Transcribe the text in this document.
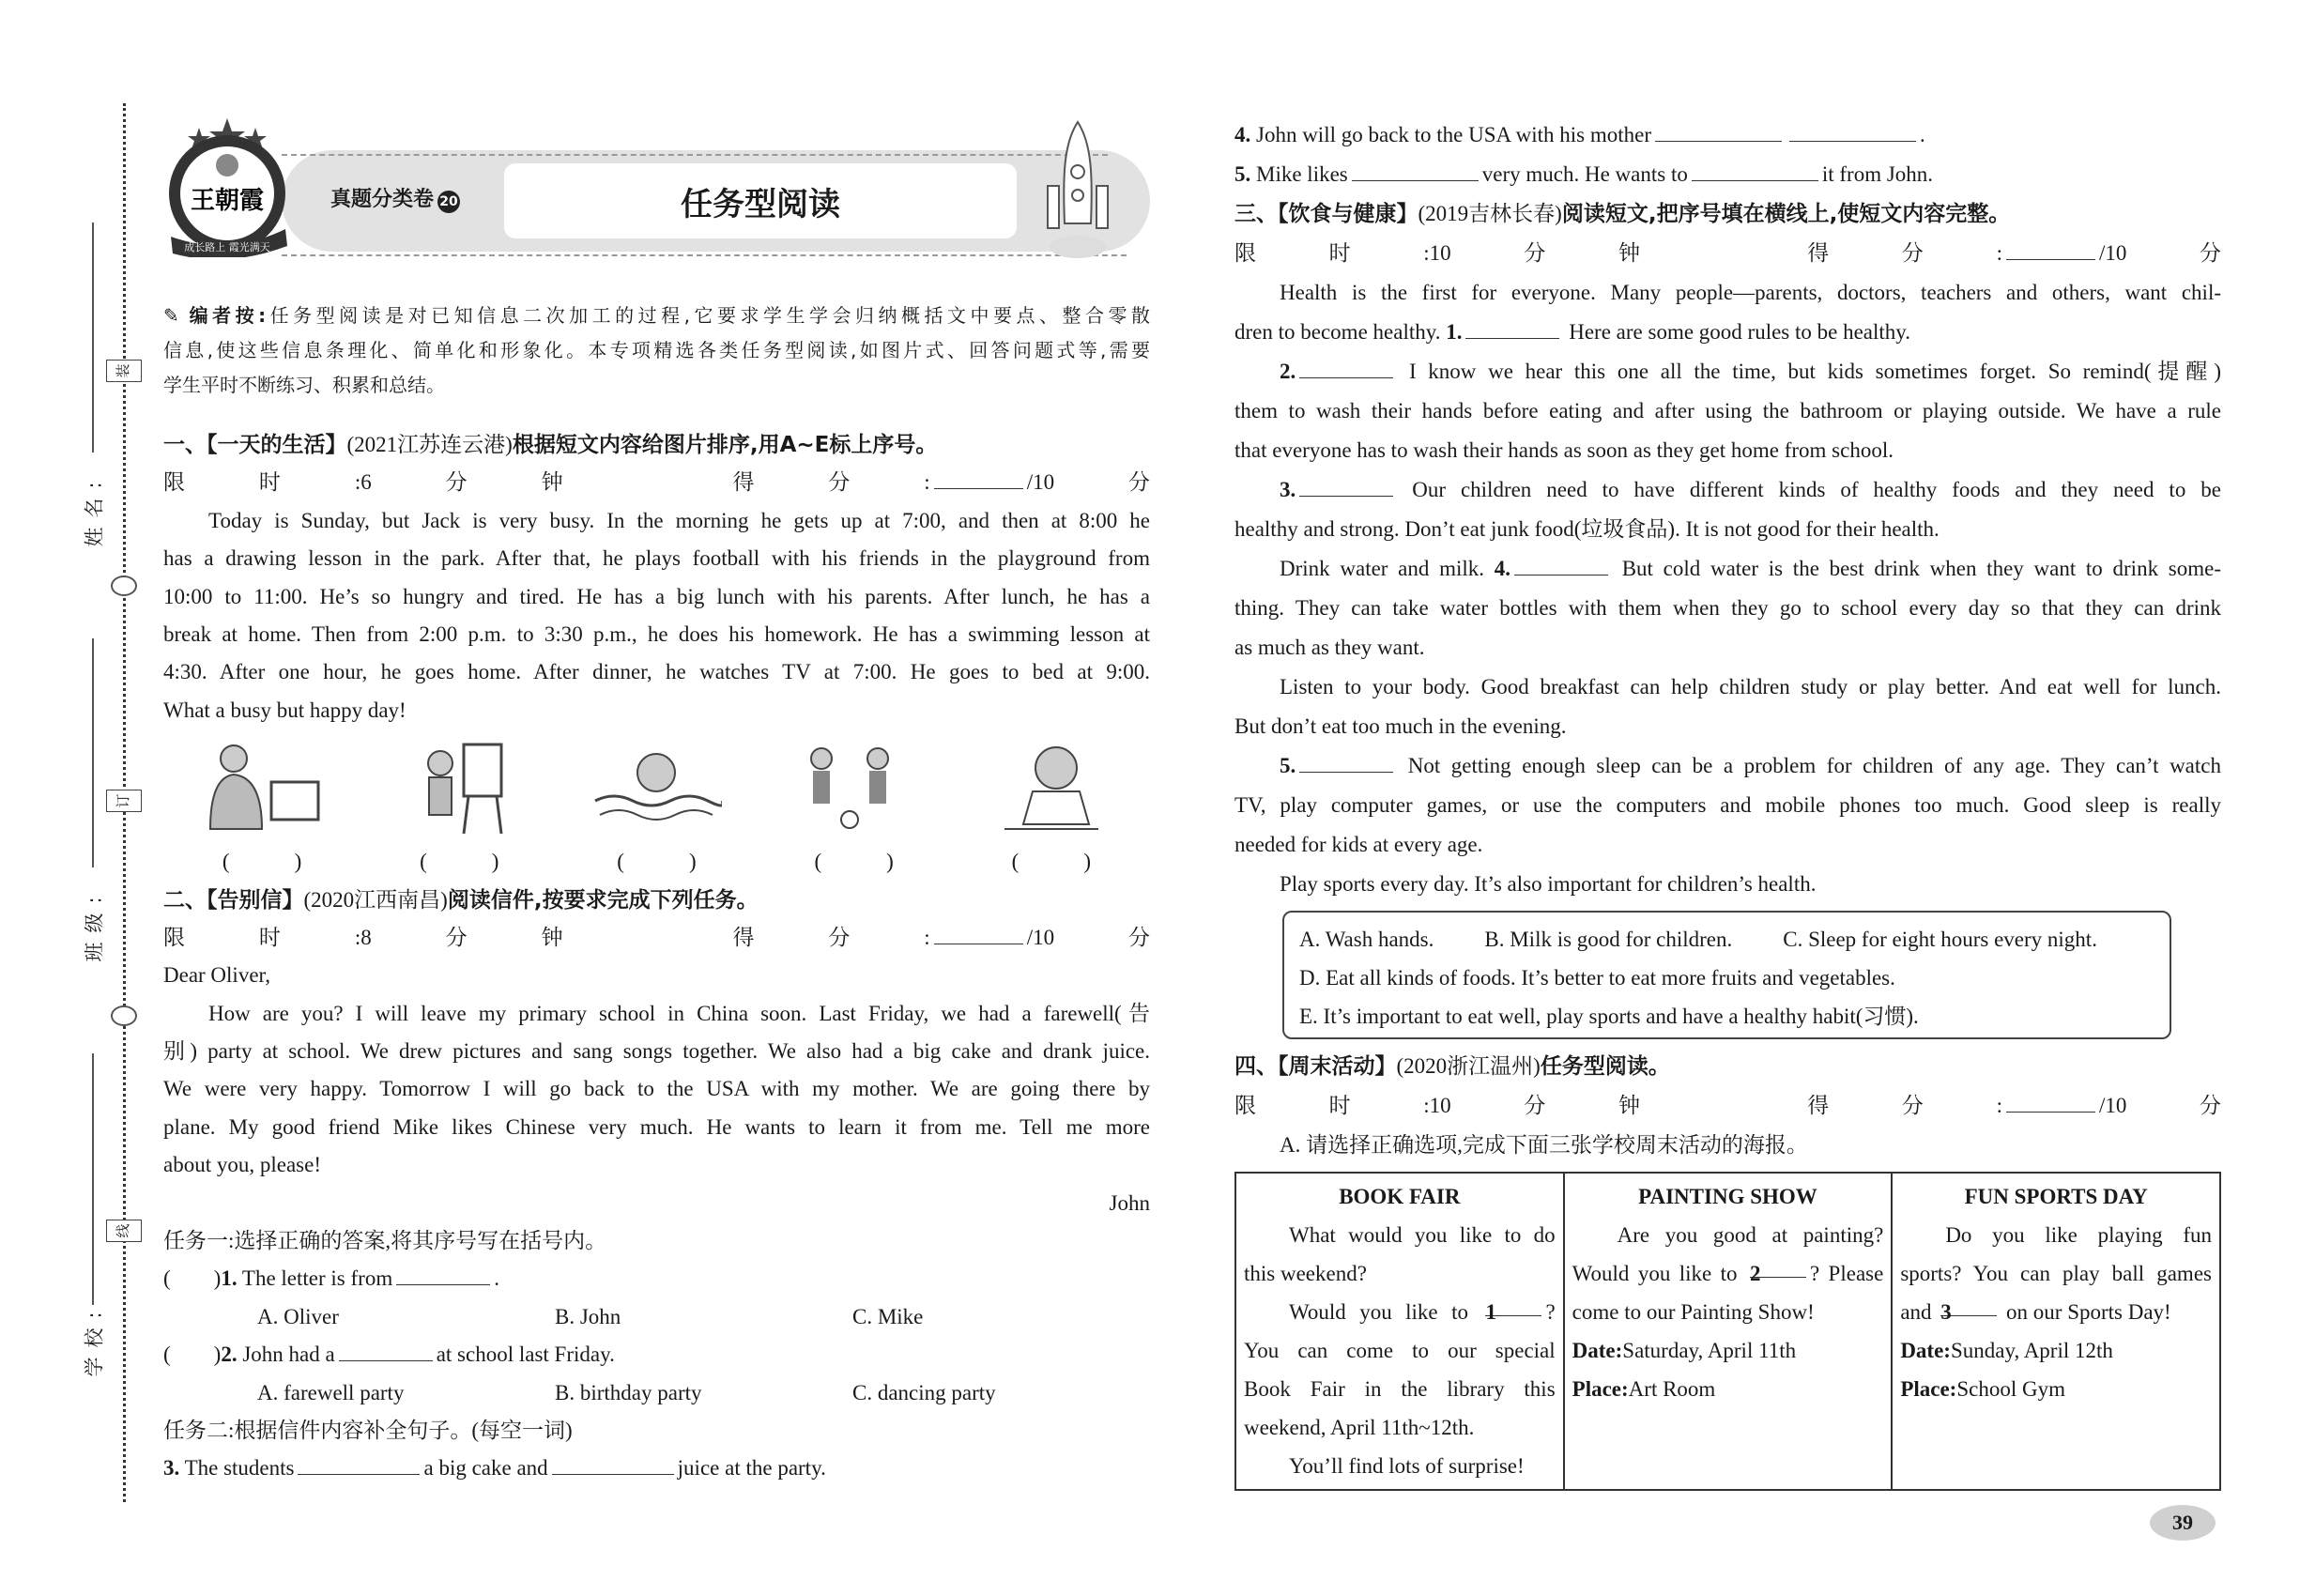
装
订
线
姓名:
班级:
学校:
王朝霞
成长路上 霞光满天
真题分类卷 20	任务型阅读
✎ 编者按:任务型阅读是对已知信息二次加工的过程,它要求学生学会归纳概括文中要点、整合零散
信息,使这些信息条理化、简单化和形象化。本专项精选各类任务型阅读,如图片式、回答问题式等,需要
学生平时不断练习、积累和总结。
一、【一天的生活】(2021江苏连云港)根据短文内容给图片排序,用A~E标上序号。
限时:6分钟　得分:	/10分
Today is Sunday, but Jack is very busy. In the morning he gets up at 7:00, and then at 8:00 he
has a drawing lesson in the park. After that, he plays football with his friends in the playground from
10:00 to 11:00. He’s so hungry and tired. He has a big lunch with his parents. After lunch, he has a
break at home. Then from 2:00 p.m. to 3:30 p.m., he does his homework. He has a swimming lesson at
4:30. After one hour, he goes home. After dinner, he watches TV at 7:00. He goes to bed at 9:00.
What a busy but happy day!
(　　　)	(　　　)	(　　　)	(　　　)	(　　　)
二、【告别信】(2020江西南昌)阅读信件,按要求完成下列任务。
限时:8分钟　得分:	/10分
Dear Oliver,
How are you? I will leave my primary school in China soon. Last Friday, we had a farewell(告
别) party at school. We drew pictures and sang songs together. We also had a big cake and drank juice.
We were very happy. Tomorrow I will go back to the USA with my mother. We are going there by
plane. My good friend Mike likes Chinese very much. He wants to learn it from me. Tell me more
about you, please!
John
任务一:选择正确的答案,将其序号写在括号内。
(　　)1. The letter is from	.
A. Oliver	B. John	C. Mike
(　　)2. John had a	at school last Friday.
A. farewell party	B. birthday party	C. dancing party
任务二:根据信件内容补全句子。(每空一词)
3. The students	a big cake and	juice at the party.
4. John will go back to the USA with his mother	.
5. Mike likes	very much. He wants to	it from John.
三、【饮食与健康】(2019吉林长春)阅读短文,把序号填在横线上,使短文内容完整。
限时:10分钟　得分:	/10分
Health is the first for everyone. Many people—parents, doctors, teachers and others, want chil-
dren to become healthy. 1.	Here are some good rules to be healthy.
2.	I know we hear this one all the time, but kids sometimes forget. So remind(提醒)
them to wash their hands before eating and after using the bathroom or playing outside. We have a rule
that everyone has to wash their hands as soon as they get home from school.
3.	Our children need to have different kinds of healthy foods and they need to be
healthy and strong. Don’t eat junk food(垃圾食品). It is not good for their health.
Drink water and milk. 4.	But cold water is the best drink when they want to drink some-
thing. They can take water bottles with them when they go to school every day so that they can drink
as much as they want.
Listen to your body. Good breakfast can help children study or play better. And eat well for lunch.
But don’t eat too much in the evening.
5.	Not getting enough sleep can be a problem for children of any age. They can’t watch
TV, play computer games, or use the computers and mobile phones too much. Good sleep is really
needed for kids at every age.
Play sports every day. It’s also important for children’s health.
A. Wash hands. B. Milk is good for children. C. Sleep for eight hours every night.
D. Eat all kinds of foods. It’s better to eat more fruits and vegetables.
E. It’s important to eat well, play sports and have a healthy habit(习惯).
四、【周末活动】(2020浙江温州)任务型阅读。
限时:10分钟　得分:	/10分
A. 请选择正确选项,完成下面三张学校周末活动的海报。
BOOK FAIR
What would you like to do
this weekend?
Would you like to 1 ?
You can come to our special
Book Fair in the library this
weekend, April 11th~12th.
You’ll find lots of surprise!

PAINTING SHOW
Are you good at painting?
Would you like to 2 ? Please
come to our Painting Show!
Date:Saturday, April 11th
Place:Art Room

FUN SPORTS DAY
Do you like playing fun
sports? You can play ball games
and 3 on our Sports Day!
Date:Sunday, April 12th
Place:School Gym
39
